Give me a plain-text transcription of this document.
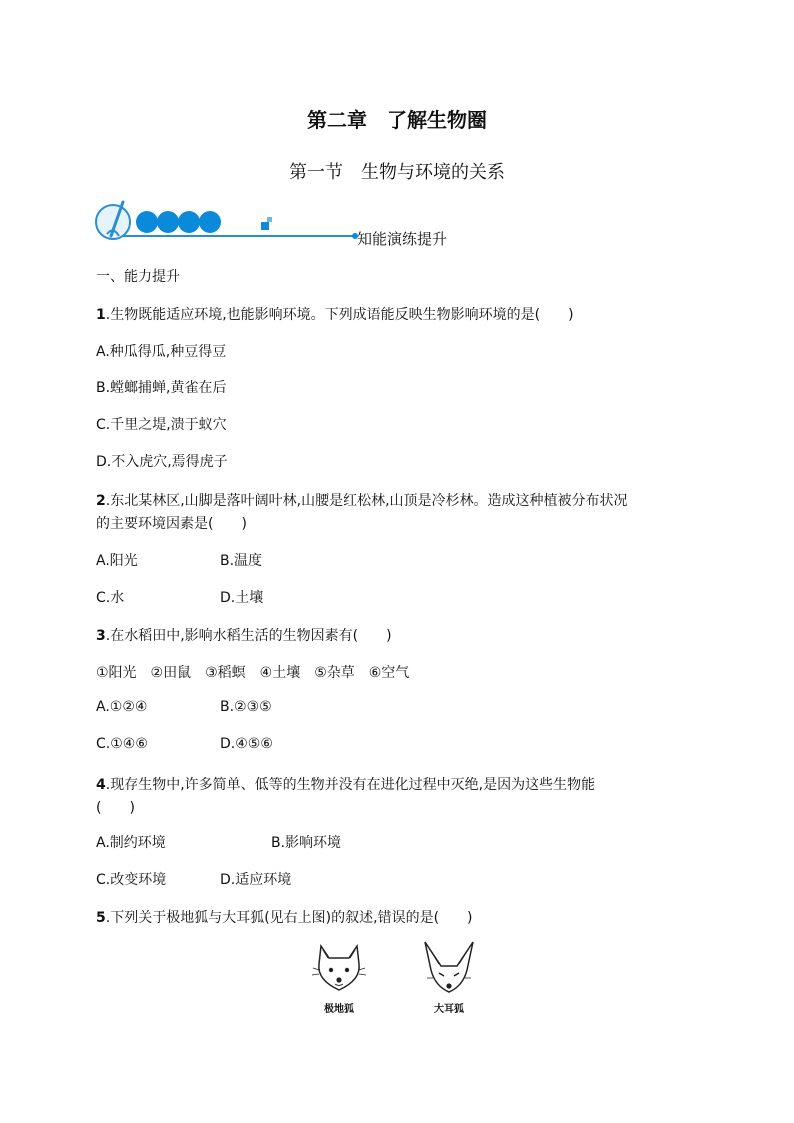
第二章　了解生物圈
第一节　生物与环境的关系
知能演练提升
一、能力提升
1.生物既能适应环境,也能影响环境。下列成语能反映生物影响环境的是(　　)
A.种瓜得瓜,种豆得豆
B.螳螂捕蝉,黄雀在后
C.千里之堤,溃于蚁穴
D.不入虎穴,焉得虎子
2.东北某林区,山脚是落叶阔叶林,山腰是红松林,山顶是冷杉林。造成这种植被分布状况
的主要环境因素是(　　)
A.阳光	B.温度
C.水	D.土壤
3.在水稻田中,影响水稻生活的生物因素有(　　)
①阳光　②田鼠　③稻螟　④土壤　⑤杂草　⑥空气
A.①②④	B.②③⑤
C.①④⑥	D.④⑤⑥
4.现存生物中,许多简单、低等的生物并没有在进化过程中灭绝,是因为这些生物能
(　　)
A.制约环境	B.影响环境
C.改变环境	D.适应环境
5.下列关于极地狐与大耳狐(见右上图)的叙述,错误的是(　　)
极地狐	大耳狐
